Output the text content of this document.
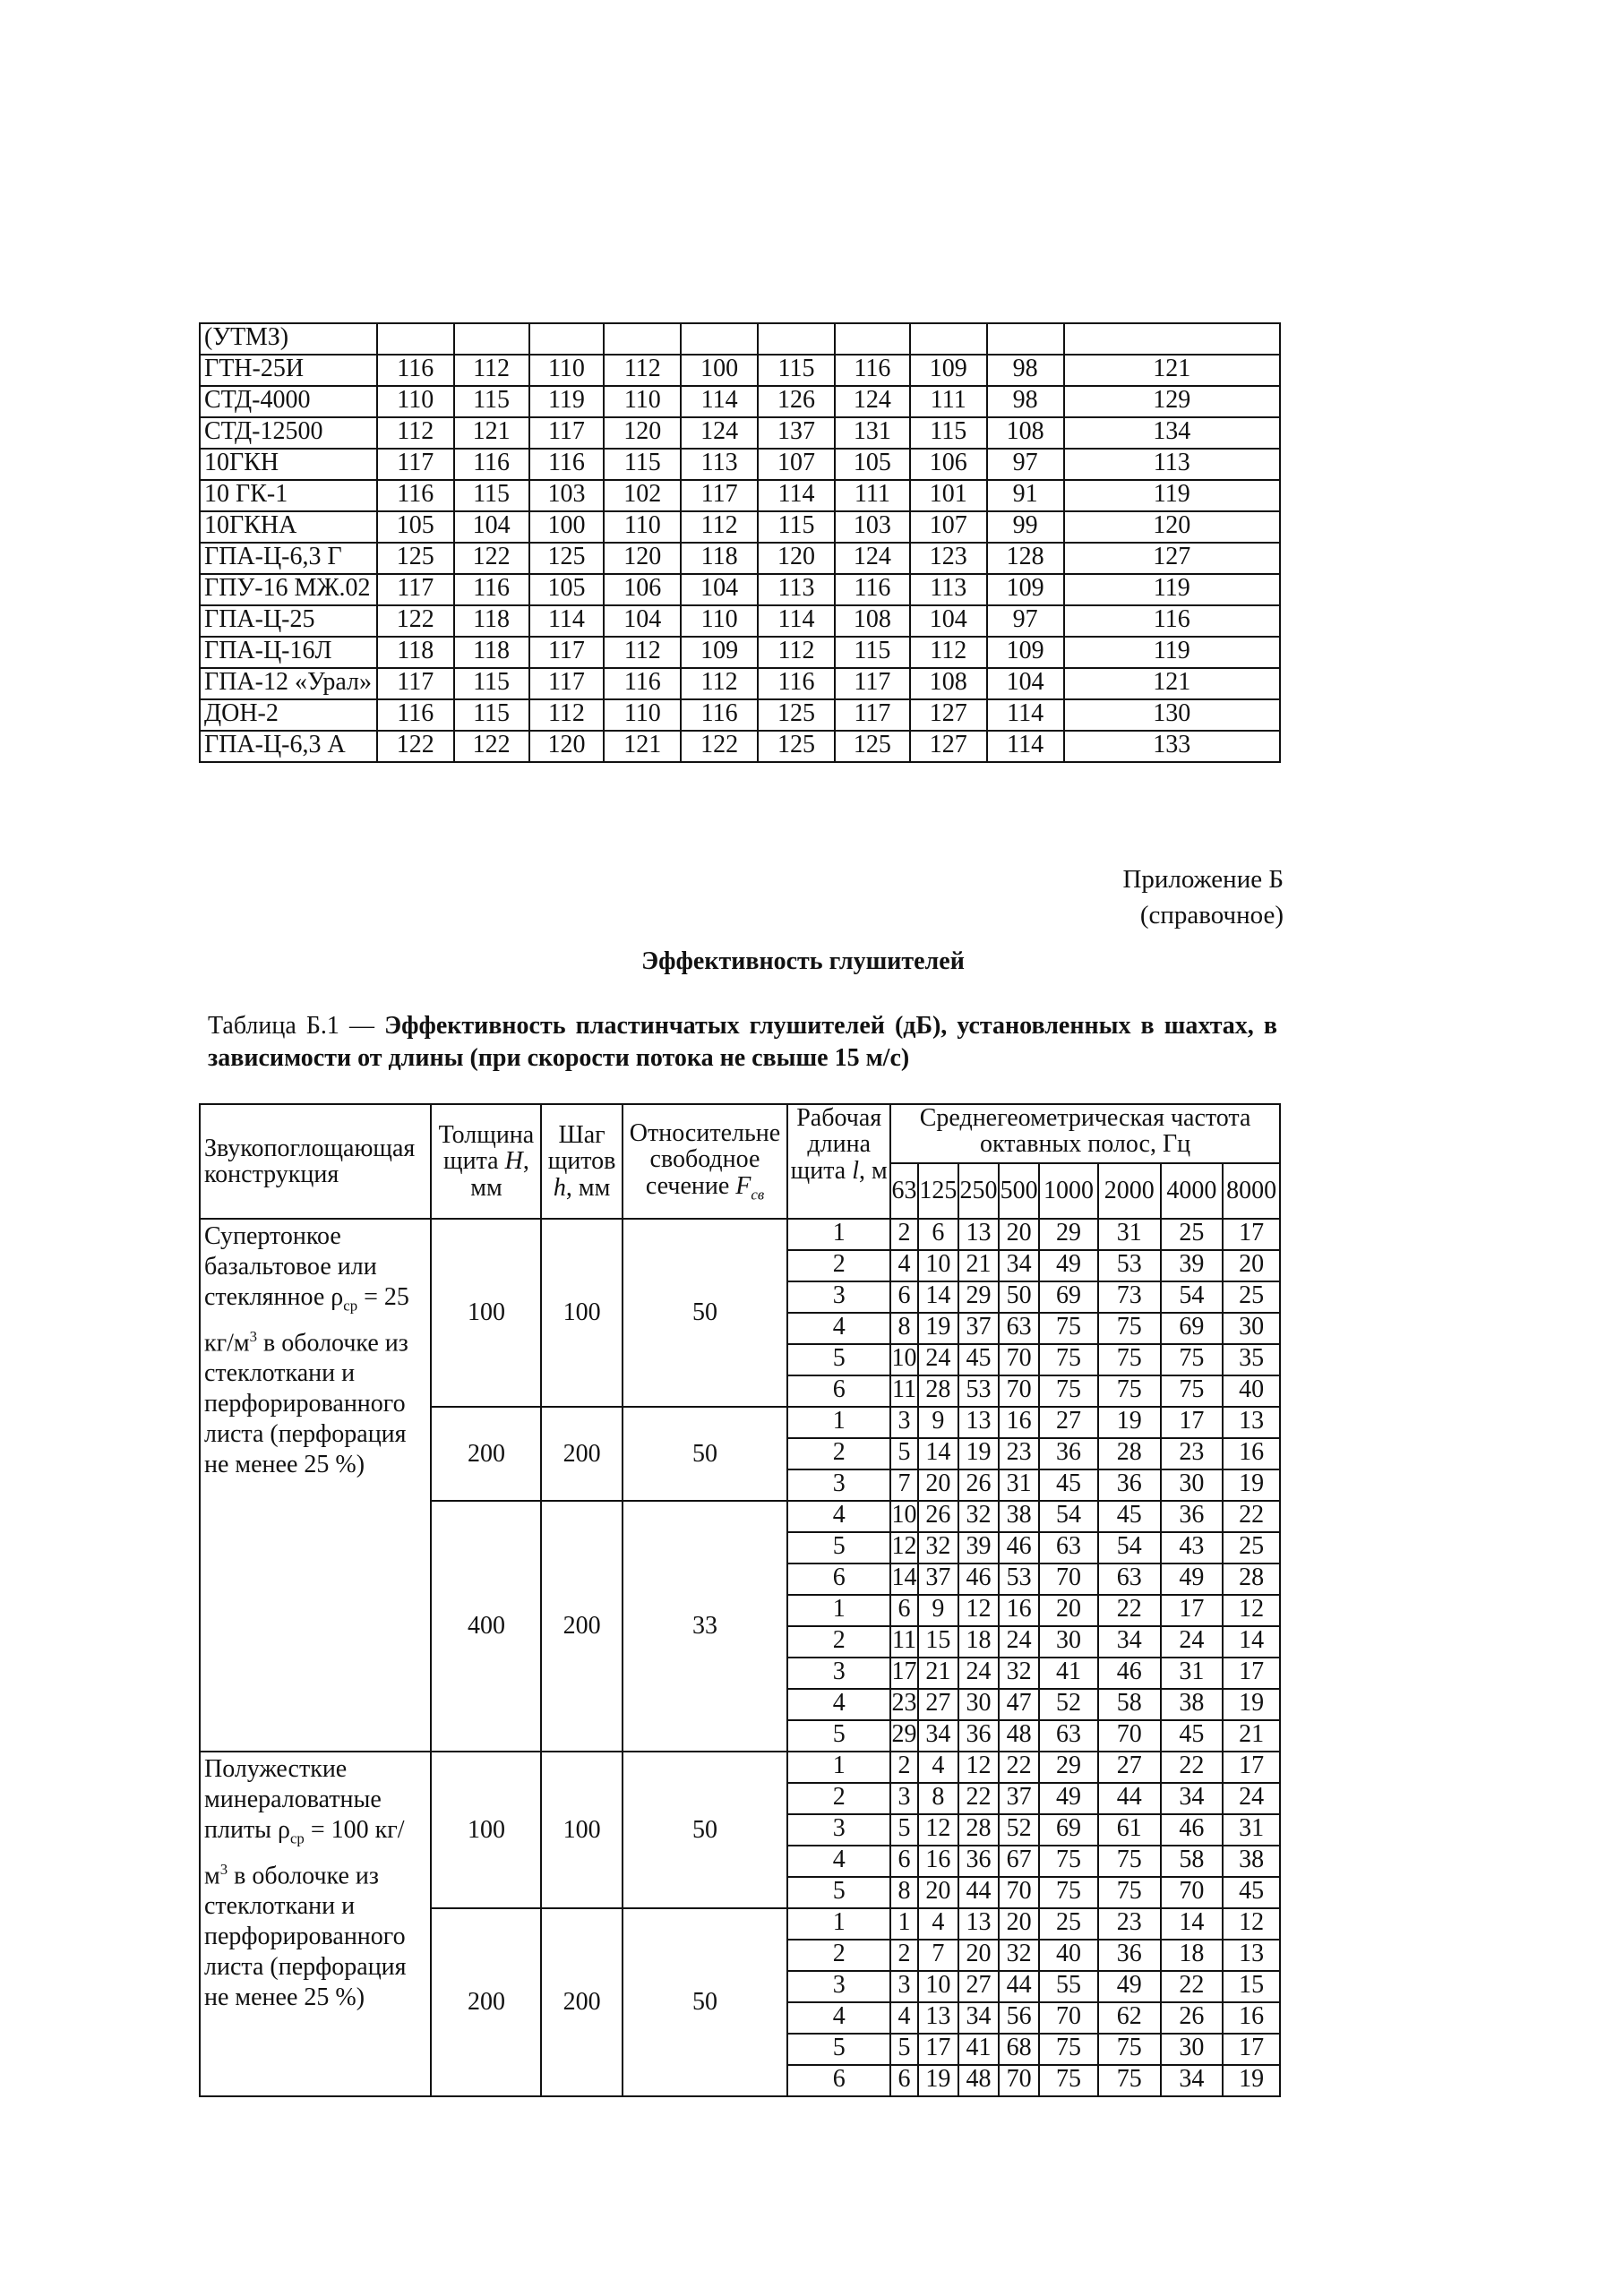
(УТМЗ)										
ГТН-25И	116	112	110	112	100	115	116	109	98	121
СТД-4000	110	115	119	110	114	126	124	111	98	129
СТД-12500	112	121	117	120	124	137	131	115	108	134
10ГКН	117	116	116	115	113	107	105	106	97	113
10 ГК-1	116	115	103	102	117	114	111	101	91	119
10ГКНА	105	104	100	110	112	115	103	107	99	120
ГПА-Ц-6,3 Г	125	122	125	120	118	120	124	123	128	127
ГПУ-16 МЖ.02	117	116	105	106	104	113	116	113	109	119
ГПА-Ц-25	122	118	114	104	110	114	108	104	97	116
ГПА-Ц-16Л	118	118	117	112	109	112	115	112	109	119
ГПА-12 «Урал»	117	115	117	116	112	116	117	108	104	121
ДОН-2	116	115	112	110	116	125	117	127	114	130
ГПА-Ц-6,3 А	122	122	120	121	122	125	125	127	114	133
Приложение Б
(справочное)
Эффективность глушителей
Таблица Б.1 — Эффективность пластинчатых глушителей (дБ), установленных в шахтах, в зависимости от длины (при скорости потока не свыше 15 м/с)
Звукопоглощающая конструкция	Толщина щита H, мм	Шаг щитов h, мм	Относительне свободное сечение $F_{св}$	Рабочая длина щита l, м	Среднегеометрическая частота октавных полос, Гц							
					63	125	250	500	1000	2000	4000	8000
Супертонкое базальтовое или стеклянное $\rho_{ср} = 25$ $кг/м^3$ в оболочке из стеклоткани и перфорированного листа (перфорация не менее 25 %)	100	100	50	1	2	6	13	20	29	31	25	17
				2	4	10	21	34	49	53	39	20
				3	6	14	29	50	69	73	54	25
				4	8	19	37	63	75	75	69	30
				5	10	24	45	70	75	75	75	35
				6	11	28	53	70	75	75	75	40
	200	200	50	1	3	9	13	16	27	19	17	13
				2	5	14	19	23	36	28	23	16
				3	7	20	26	31	45	36	30	19
	400	200	33	4	10	26	32	38	54	45	36	22
				5	12	32	39	46	63	54	43	25
				6	14	37	46	53	70	63	49	28
				1	6	9	12	16	20	22	17	12
				2	11	15	18	24	30	34	24	14
				3	17	21	24	32	41	46	31	17
				4	23	27	30	47	52	58	38	19
				5	29	34	36	48	63	70	45	21
Полужесткие минераловатные плиты $\rho_{ср} = 100$ $кг/м^3$ в оболочке из стеклоткани и перфорированного листа (перфорация не менее 25 %)	100	100	50	1	2	4	12	22	29	27	22	17
				2	3	8	22	37	49	44	34	24
				3	5	12	28	52	69	61	46	31
				4	6	16	36	67	75	75	58	38
				5	8	20	44	70	75	75	70	45
	200	200	50	1	1	4	13	20	25	23	14	12
				2	2	7	20	32	40	36	18	13
				3	3	10	27	44	55	49	22	15
				4	4	13	34	56	70	62	26	16
				5	5	17	41	68	75	75	30	17
				6	6	19	48	70	75	75	34	19
